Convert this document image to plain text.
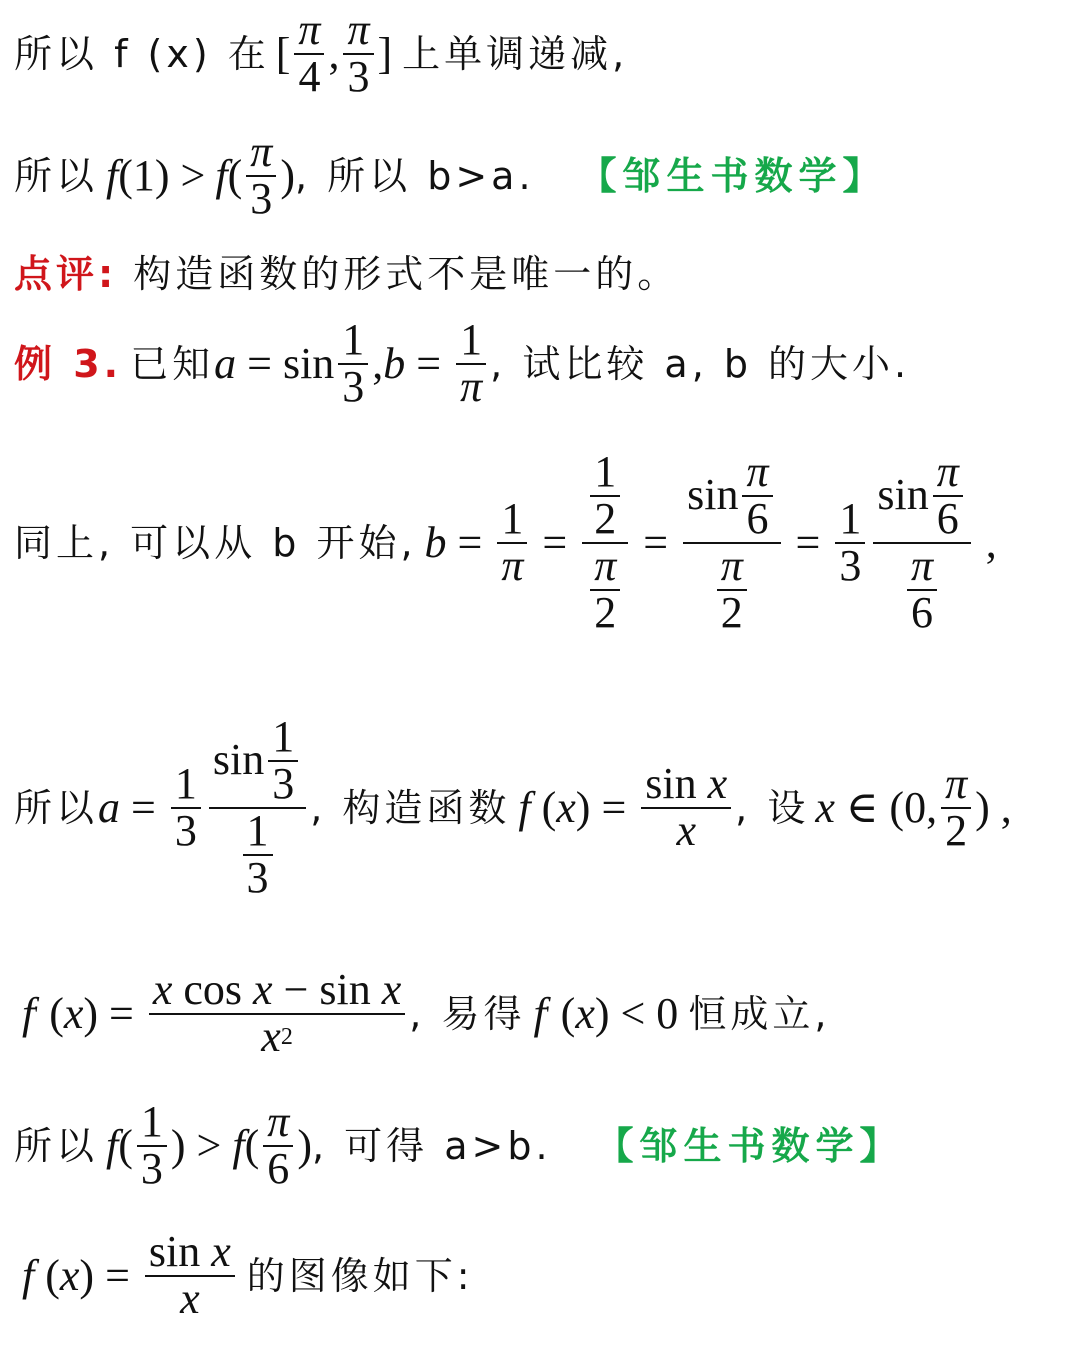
所以 f (x) 在 [ $\frac{\pi}{4}$ , $\frac{\pi}{3}$ ] 上单调递减,
所以 f (1) > f ( $\frac{\pi}{3}$ ) , 所以 b>a. 【邹生书数学】
点评: 构造函数的形式不是唯一的。
例 3. 已知 $a = \sin \frac{1}{3}$ , $b = \frac{1}{\pi}$ , 试比较 a, b 的大小.
同上, 可以从 b 开始, $b = \frac{1}{\pi} = \frac{\frac{1}{2}}{\frac{\pi}{2}} = \frac{\sin \frac{\pi}{6}}{\frac{\pi}{2}} = \frac{1}{3} \frac{\sin \frac{\pi}{6}}{\frac{\pi}{6}}$ ,
所以 $a = \frac{1}{3} \frac{\sin \frac{1}{3}}{\frac{1}{3}}$ , 构造函数 f ( x ) = $\frac{\text{sin x}}{x}$ , 设 x ∈ (0, $\frac{\pi}{2}$ ) ,
f ' ( x ) = $\frac{\text{x cos x − sin x}}{x 2}$ , 易得 f ' ( x ) < 0 恒成立,
所以 f ( $\frac{1}{3}$ ) > f ( $\frac{\pi}{6}$ ) , 可得 a>b. 【邹生书数学】
f ( x ) = $\frac{\text{sin x}}{x}$ 的图像如下:
